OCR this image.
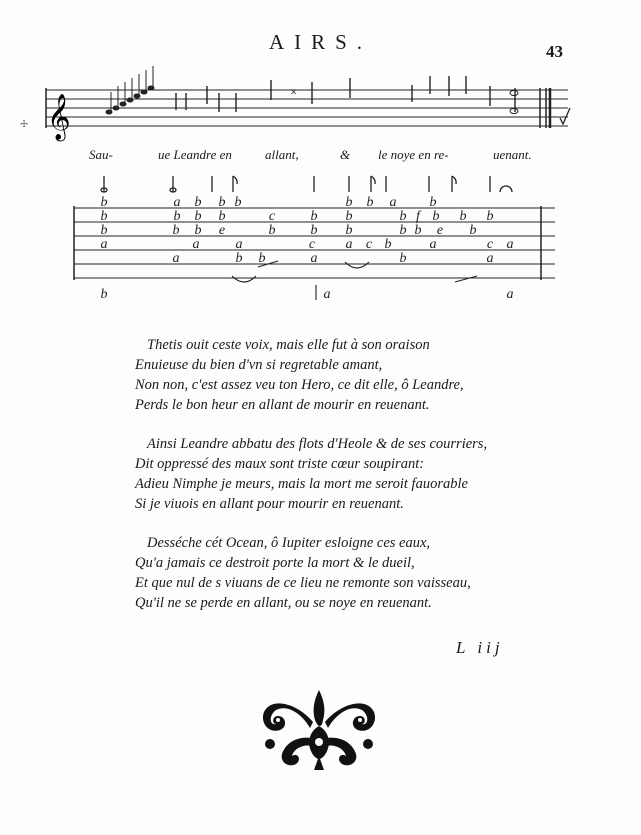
AIRS.	43
𝄞
×
☩
b	a b b b	b b a b
b	b b b	c	b b	b f b b b
b	b b e	b	b b	b b e b
a	a	a	c a c b	a	c a
a	b b	a	b	a
b	a	a
Sau-	ue Leandre en	allant,	& le noye en re-	uenant.
Thetis ouit ceste voix, mais elle fut à son oraison
Enuieuse du bien d'vn si regretable amant,
Non non, c'est assez veu ton Hero, ce dit elle, ô Leandre,
Perds le bon heur en allant de mourir en reuenant.
Ainsi Leandre abbatu des flots d'Heole & de ses courriers,
Dit oppressé des maux sont triste cœur soupirant:
Adieu Nimphe je meurs, mais la mort me seroit fauorable
Si je viuois en allant pour mourir en reuenant.
Desséche cét Ocean, ô Iupiter esloigne ces eaux,
Qu'a jamais ce destroit porte la mort & le dueil,
Et que nul de s viuans de ce lieu ne remonte son vaisseau,
Qu'il ne se perde en allant, ou se noye en reuenant.
L iij
